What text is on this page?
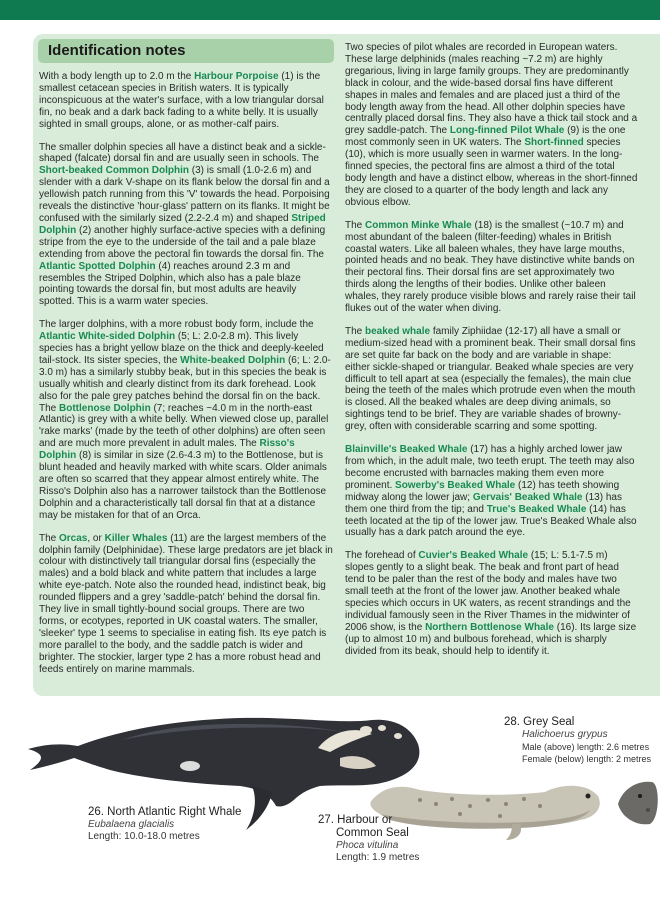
Identification notes

With a body length up to 2.0 m the Harbour Porpoise (1) is the smallest cetacean species in British waters. It is typically inconspicuous at the water's surface, with a low triangular dorsal fin, no beak and a dark back fading to a white belly. It is usually sighted in small groups, alone, or as mother-calf pairs.

The smaller dolphin species all have a distinct beak and a sickle-shaped (falcate) dorsal fin and are usually seen in schools. The Short-beaked Common Dolphin (3) is small (1.0-2.6 m) and slender with a dark V-shape on its flank below the dorsal fin and a yellowish patch running from this 'V' towards the head. Porpoising reveals the distinctive 'hour-glass' pattern on its flanks. It might be confused with the similarly sized (2.2-2.4 m) and shaped Striped Dolphin (2) another highly surface-active species with a defining stripe from the eye to the underside of the tail and a pale blaze extending from above the pectoral fin towards the dorsal fin. The Atlantic Spotted Dolphin (4) reaches around 2.3 m and resembles the Striped Dolphin, which also has a pale blaze pointing towards the dorsal fin, but most adults are heavily spotted. This is a warm water species.

The larger dolphins, with a more robust body form, include the Atlantic White-sided Dolphin (5; L: 2.0-2.8 m). This lively species has a bright yellow blaze on the thick and deeply-keeled tail-stock. Its sister species, the White-beaked Dolphin (6; L: 2.0-3.0 m) has a similarly stubby beak, but in this species the beak is usually whitish and clearly distinct from its dark forehead. Look also for the pale grey patches behind the dorsal fin on the back. The Bottlenose Dolphin (7; reaches ~4.0 m in the north-east Atlantic) is grey with a white belly. When viewed close up, parallel 'rake marks' (made by the teeth of other dolphins) are often seen and are much more prevalent in adult males. The Risso's Dolphin (8) is similar in size (2.6-4.3 m) to the Bottlenose, but is blunt headed and heavily marked with white scars. Older animals are often so scarred that they appear almost entirely white. The Risso's Dolphin also has a narrower tailstock than the Bottlenose Dolphin and a characteristically tall dorsal fin that at a distance may be mistaken for that of an Orca.

The Orcas, or Killer Whales (11) are the largest members of the dolphin family (Delphinidae). These large predators are jet black in colour with distinctively tall triangular dorsal fins (especially the males) and a bold black and white pattern that includes a large white eye-patch. Note also the rounded head, indistinct beak, big rounded flippers and a grey 'saddle-patch' behind the dorsal fin. They live in small tightly-bound social groups. There are two forms, or ecotypes, reported in UK coastal waters. The smaller, 'sleeker' type 1 seems to specialise in eating fish. Its eye patch is more parallel to the body, and the saddle patch is wider and brighter. The stockier, larger type 2 has a more robust head and feeds entirely on marine mammals.

Two species of pilot whales are recorded in European waters. These large delphinids (males reaching ~7.2 m) are highly gregarious, living in large family groups. They are predominantly black in colour, and the wide-based dorsal fins have different shapes in males and females and are placed just a third of the body length away from the head. All other dolphin species have centrally placed dorsal fins. They also have a thick tail stock and a grey saddle-patch. The Long-finned Pilot Whale (9) is the one most commonly seen in UK waters. The Short-finned species (10), which is more usually seen in warmer waters. In the long-finned species, the pectoral fins are almost a third of the total body length and have a distinct elbow, whereas in the short-finned they are closed to a quarter of the body length and lack any obvious elbow.

The Common Minke Whale (18) is the smallest (~10.7 m) and most abundant of the baleen (filter-feeding) whales in British coastal waters. Like all baleen whales, they have large mouths, pointed heads and no beak. They have distinctive white bands on their pectoral fins. Their dorsal fins are set approximately two thirds along the lengths of their bodies. Unlike other baleen whales, they rarely produce visible blows and rarely raise their tail flukes out of the water when diving.

The beaked whale family Ziphiidae (12-17) all have a small or medium-sized head with a prominent beak. Their small dorsal fins are set quite far back on the body and are variable in shape: either sickle-shaped or triangular. Beaked whale species are very difficult to tell apart at sea (especially the females), the main clue being the teeth of the males which protrude even when the mouth is closed. All the beaked whales are deep diving animals, so sightings tend to be brief. They are variable shades of browny-grey, often with considerable scarring and some spotting.

Blainville's Beaked Whale (17) has a highly arched lower jaw from which, in the adult male, two teeth erupt. The teeth may also become encrusted with barnacles making them even more prominent. Sowerby's Beaked Whale (12) has teeth showing midway along the lower jaw; Gervais' Beaked Whale (13) has them one third from the tip; and True's Beaked Whale (14) has teeth located at the tip of the lower jaw. True's Beaked Whale also usually has a dark patch around the eye.

The forehead of Cuvier's Beaked Whale (15; L: 5.1-7.5 m) slopes gently to a slight beak. The beak and front part of head tend to be paler than the rest of the body and males have two small teeth at the front of the lower jaw. Another beaked whale species which occurs in UK waters, as recent strandings and the individual famously seen in the River Thames in the midwinter of 2006 show, is the Northern Bottlenose Whale (16). Its large size (up to almost 10 m) and bulbous forehead, which is sharply divided from its beak, should help to identify it.

26. North Atlantic Right Whale
Eubalaena glacialis
Length: 10.0-18.0 metres
27. Harbour or
Common Seal
Phoca vitulina
Length: 1.9 metres
28. Grey Seal
Halichoerus grypus
Male (above) length: 2.6 metres
Female (below) length: 2 metres
